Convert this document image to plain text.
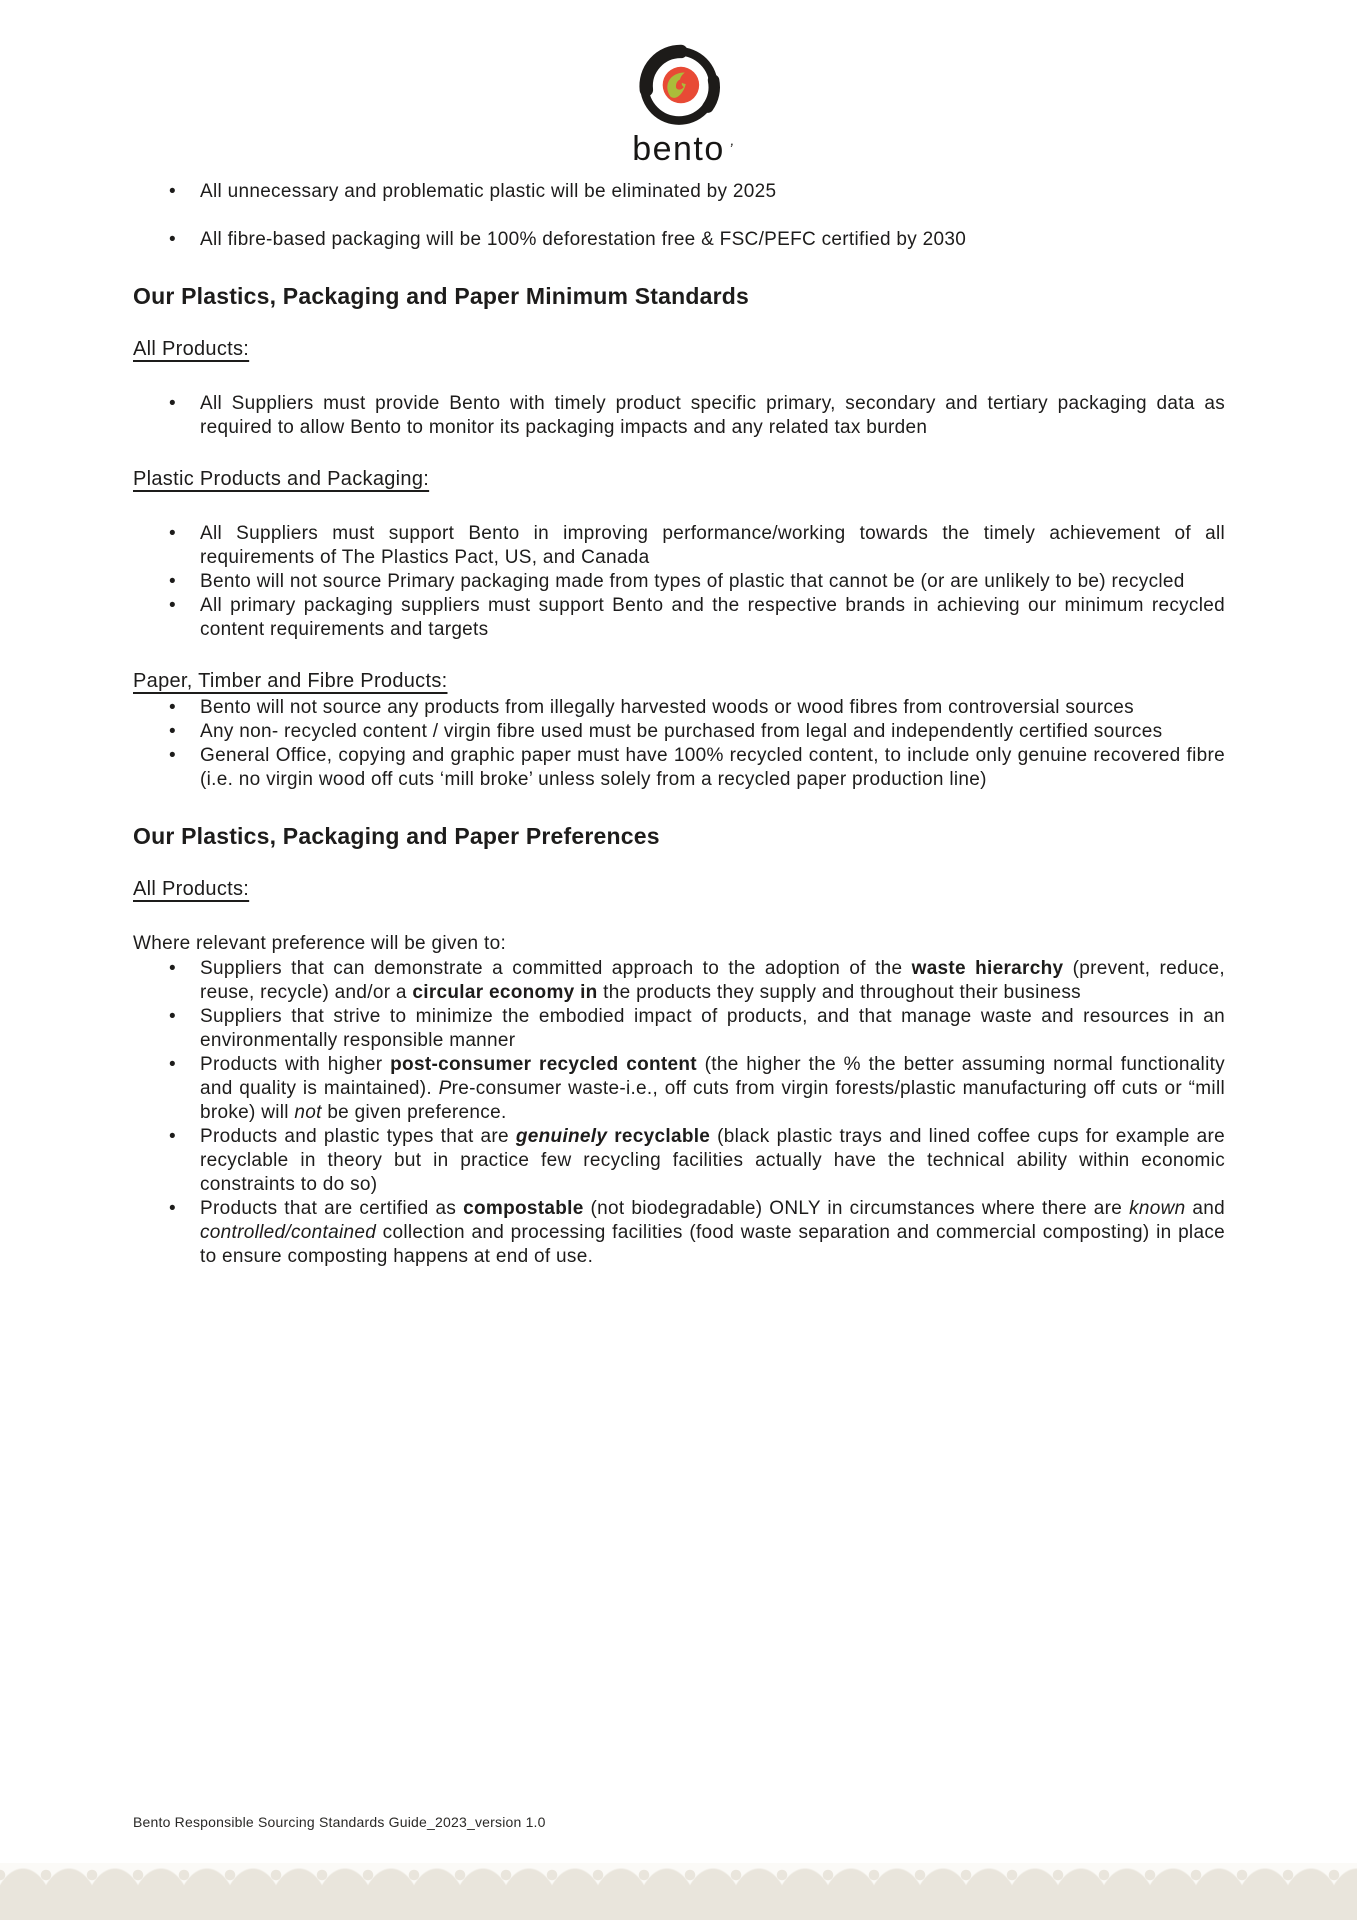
bento ’
• All unnecessary and problematic plastic will be eliminated by 2025
• All fibre-based packaging will be 100% deforestation free & FSC/PEFC certified by 2030
Our Plastics, Packaging and Paper Minimum Standards
All Products:
• All Suppliers must provide Bento with timely product specific primary, secondary and tertiary packaging data as required to allow Bento to monitor its packaging impacts and any related tax burden
Plastic Products and Packaging:
• All Suppliers must support Bento in improving performance/working towards the timely achievement of all requirements of The Plastics Pact, US, and Canada
• Bento will not source Primary packaging made from types of plastic that cannot be (or are unlikely to be) recycled
• All primary packaging suppliers must support Bento and the respective brands in achieving our minimum recycled content requirements and targets
Paper, Timber and Fibre Products:
• Bento will not source any products from illegally harvested woods or wood fibres from controversial sources
• Any non- recycled content / virgin fibre used must be purchased from legal and independently certified sources
• General Office, copying and graphic paper must have 100% recycled content, to include only genuine recovered fibre (i.e. no virgin wood off cuts ‘mill broke’ unless solely from a recycled paper production line)
Our Plastics, Packaging and Paper Preferences
All Products:
Where relevant preference will be given to:
• Suppliers that can demonstrate a committed approach to the adoption of the waste hierarchy (prevent, reduce, reuse, recycle) and/or a circular economy in the products they supply and throughout their business
• Suppliers that strive to minimize the embodied impact of products, and that manage waste and resources in an environmentally responsible manner
• Products with higher post-consumer recycled content (the higher the % the better assuming normal functionality and quality is maintained). Pre-consumer waste-i.e., off cuts from virgin forests/plastic manufacturing off cuts or “mill broke) will not be given preference.
• Products and plastic types that are genuinely recyclable (black plastic trays and lined coffee cups for example are recyclable in theory but in practice few recycling facilities actually have the technical ability within economic constraints to do so)
• Products that are certified as compostable (not biodegradable) ONLY in circumstances where there are known and controlled/contained collection and processing facilities (food waste separation and commercial composting) in place to ensure composting happens at end of use.
Bento Responsible Sourcing Standards Guide_2023_version 1.0
